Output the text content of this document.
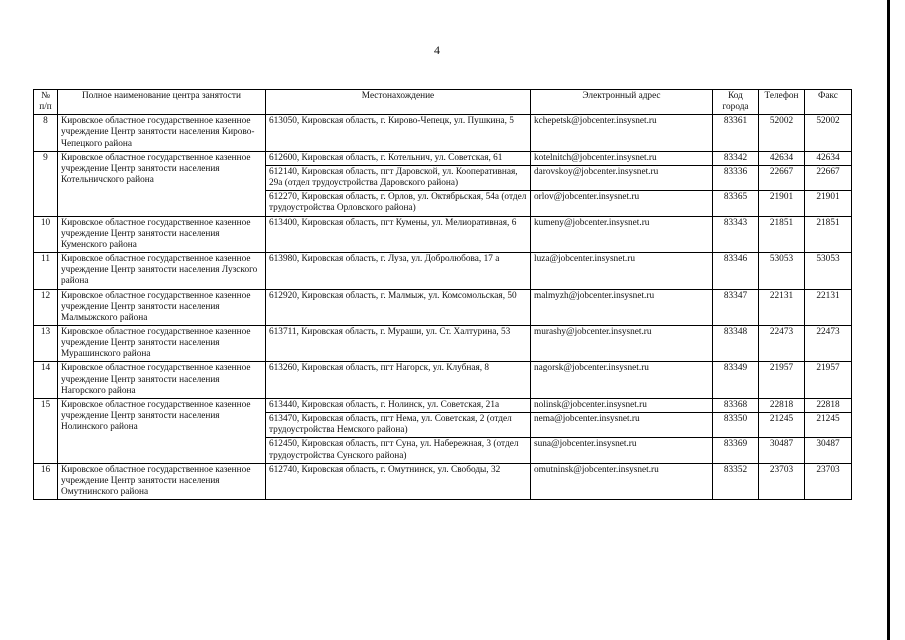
4
№ п/п	Полное наименование центра занятости	Местонахождение	Электронный адрес	Код города	Телефон	Факс
8	Кировское областное государственное казенное учреждение Центр занятости населения Кирово-Чепецкого района	613050, Кировская область, г. Кирово-Чепецк, ул. Пушкина, 5	kchepetsk@jobcenter.insysnet.ru	83361	52002	52002
9	Кировское областное государственное казенное учреждение Центр занятости населения Котельничского района	612600, Кировская область, г. Котельнич, ул. Советская, 61	kotelnitch@jobcenter.insysnet.ru	83342	42634	42634
		612140, Кировская область, пгт Даровской, ул. Кооперативная, 29а (отдел трудоустройства Даровского района)	darovskoy@jobcenter.insysnet.ru	83336	22667	22667
		612270, Кировская область, г. Орлов, ул. Октябрьская, 54а (отдел трудоустройства Орловского района)	orlov@jobcenter.insysnet.ru	83365	21901	21901
10	Кировское областное государственное казенное учреждение Центр занятости населения Куменского района	613400, Кировская область, пгт Кумены, ул. Мелиоративная, 6	kumeny@jobcenter.insysnet.ru	83343	21851	21851
11	Кировское областное государственное казенное учреждение Центр занятости населения Лузского района	613980, Кировская область, г. Луза, ул. Добролюбова, 17 а	luza@jobcenter.insysnet.ru	83346	53053	53053
12	Кировское областное государственное казенное учреждение Центр занятости населения Малмыжского района	612920, Кировская область, г. Малмыж, ул. Комсомольская, 50	malmyzh@jobcenter.insysnet.ru	83347	22131	22131
13	Кировское областное государственное казенное учреждение Центр занятости населения Мурашинского района	613711, Кировская область, г. Мураши, ул. Ст. Халтурина, 53	murashy@jobcenter.insysnet.ru	83348	22473	22473
14	Кировское областное государственное казенное учреждение Центр занятости населения Нагорского района	613260, Кировская область, пгт Нагорск, ул. Клубная, 8	nagorsk@jobcenter.insysnet.ru	83349	21957	21957
15	Кировское областное государственное казенное учреждение Центр занятости населения Нолинского района	613440, Кировская область, г. Нолинск, ул. Советская, 21а	nolinsk@jobcenter.insysnet.ru	83368	22818	22818
		613470, Кировская область, пгт Нема, ул. Советская, 2 (отдел трудоустройства Немского района)	nema@jobcenter.insysnet.ru	83350	21245	21245
		612450, Кировская область, пгт Суна, ул. Набережная, 3 (отдел трудоустройства Сунского района)	suna@jobcenter.insysnet.ru	83369	30487	30487
16	Кировское областное государственное казенное учреждение Центр занятости населения Омутнинского района	612740, Кировская область, г. Омутнинск, ул. Свободы, 32	omutninsk@jobcenter.insysnet.ru	83352	23703	23703
